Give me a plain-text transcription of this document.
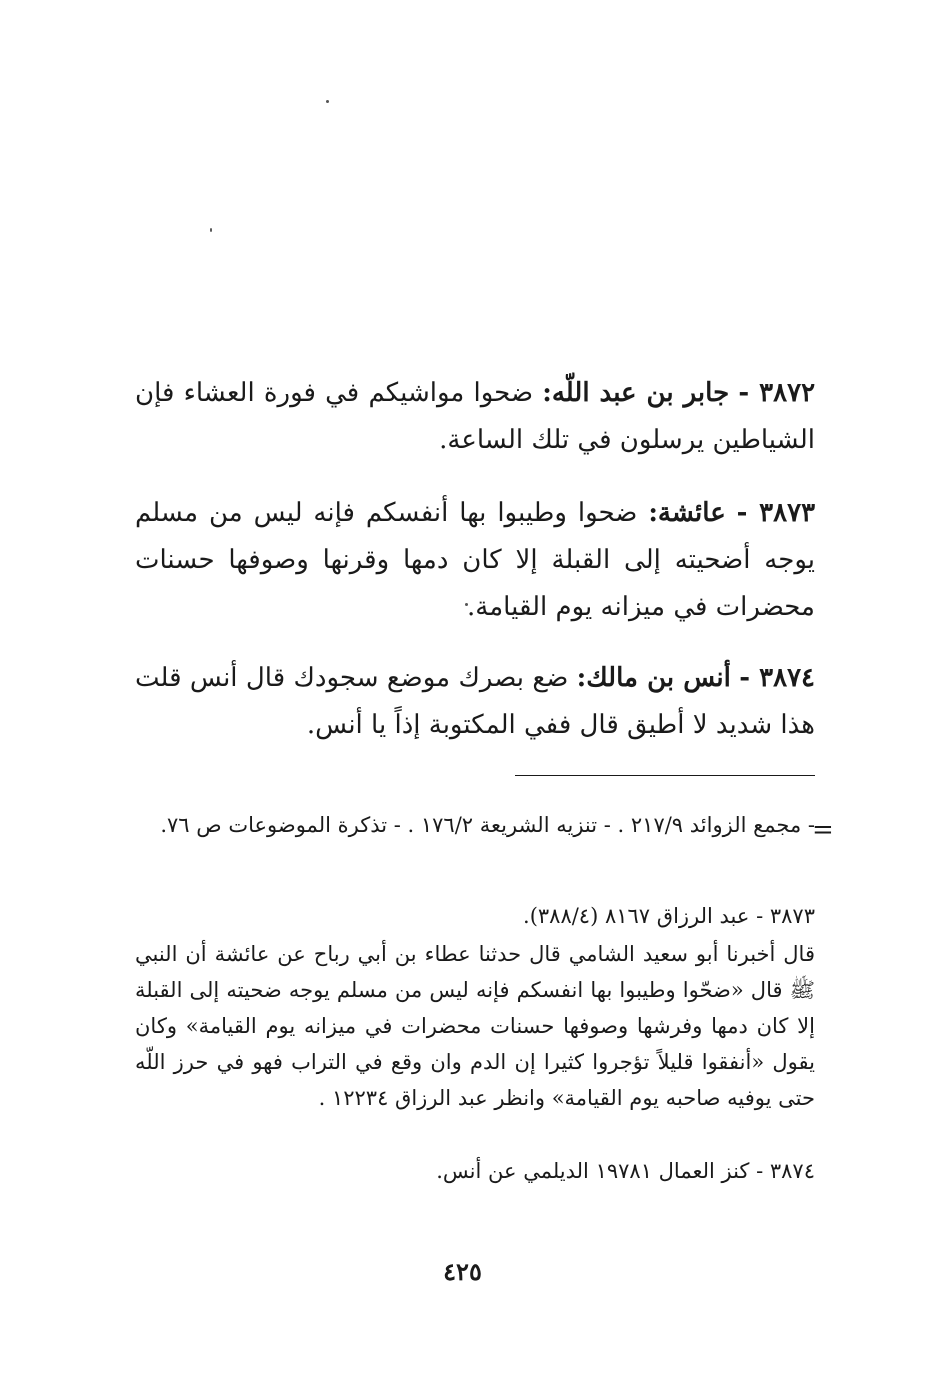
٣٨٧٢ - جابر بن عبد اللّه: ضحوا مواشيكم في فورة العشاء فإن الشياطين يرسلون في تلك الساعة.
٣٨٧٣ - عائشة: ضحوا وطيبوا بها أنفسكم فإنه ليس من مسلم يوجه أضحيته إلى القبلة إلا كان دمها وقرنها وصوفها حسنات محضرات في ميزانه يوم القيامة.
٣٨٧٤ - أنس بن مالك: ضع بصرك موضع سجودك قال أنس قلت هذا شديد لا أطيق قال ففي المكتوبة إذاً يا أنس.
=
- مجمع الزوائد ٢١٧/٩ . - تنزيه الشريعة ١٧٦/٢ . - تذكرة الموضوعات ص ٧٦.
٣٨٧٣ - عبد الرزاق ٨١٦٧ (٣٨٨/٤).
قال أخبرنا أبو سعيد الشامي قال حدثنا عطاء بن أبي رباح عن عائشة أن النبي ﷺ قال «ضحّوا وطيبوا بها انفسكم فإنه ليس من مسلم يوجه ضحيته إلى القبلة إلا كان دمها وفرشها وصوفها حسنات محضرات في ميزانه يوم القيامة» وكان يقول «أنفقوا قليلاً تؤجروا كثيرا إن الدم وان وقع في التراب فهو في حرز اللّه حتى يوفيه صاحبه يوم القيامة» وانظر عبد الرزاق ١٢٢٣٤ .
٣٨٧٤ - كنز العمال ١٩٧٨١ الديلمي عن أنس.
٤٢٥
